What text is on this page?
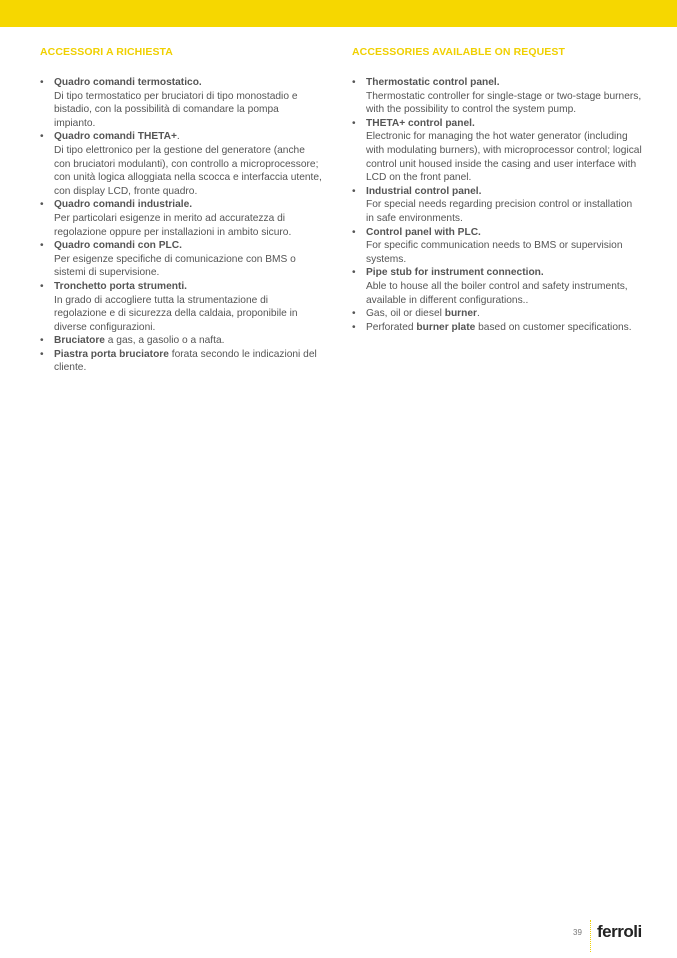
ACCESSORI A RICHIESTA
• Quadro comandi termostatico.
Di tipo termostatico per bruciatori di tipo monostadio e bistadio, con la possibilità di comandare la pompa impianto.
• Quadro comandi THETA+.
Di tipo elettronico per la gestione del generatore (anche con bruciatori modulanti), con controllo a microprocessore; con unità logica alloggiata nella scocca e interfaccia utente, con display LCD, fronte quadro.
• Quadro comandi industriale.
Per particolari esigenze in merito ad accuratezza di regolazione oppure per installazioni in ambito sicuro.
• Quadro comandi con PLC.
Per esigenze specifiche di comunicazione con BMS o sistemi di supervisione.
• Tronchetto porta strumenti.
In grado di accogliere tutta la strumentazione di regolazione e di sicurezza della caldaia, proponibile in diverse configurazioni.
• Bruciatore a gas, a gasolio o a nafta.
• Piastra porta bruciatore forata secondo le indicazioni del cliente.
ACCESSORIES AVAILABLE ON REQUEST
• Thermostatic control panel.
Thermostatic controller for single-stage or two-stage burners, with the possibility to control the system pump.
• THETA+ control panel.
Electronic for managing the hot water generator (including with modulating burners), with microprocessor control; logical control unit housed inside the casing and user interface with LCD on the front panel.
• Industrial control panel.
For special needs regarding precision control or installation in safe environments.
• Control panel with PLC.
For specific communication needs to BMS or supervision systems.
• Pipe stub for instrument connection.
Able to house all the boiler control and safety instruments, available in different configurations..
• Gas, oil or diesel burner.
• Perforated burner plate based on customer specifications.
39 ferroli
